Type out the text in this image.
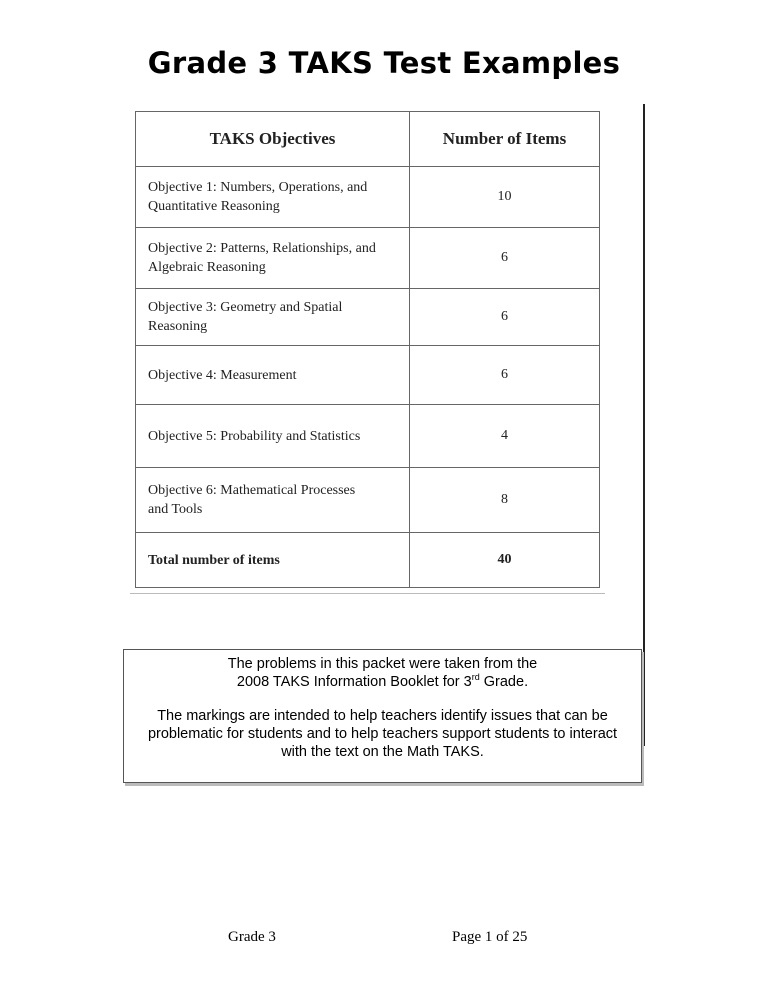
Grade 3 TAKS Test Examples
TAKS Objectives	Number of Items
Objective 1: Numbers, Operations, and
Quantitative Reasoning	10
Objective 2: Patterns, Relationships, and
Algebraic Reasoning	6
Objective 3: Geometry and Spatial
Reasoning	6
Objective 4: Measurement	6
Objective 5: Probability and Statistics	4
Objective 6: Mathematical Processes
and Tools	8
Total number of items	40

The problems in this packet were taken from the
2008 TAKS Information Booklet for 3rd Grade.

The markings are intended to help teachers identify issues that can be
problematic for students and to help teachers support students to interact
with the text on the Math TAKS.

Grade 3	Page 1 of 25
